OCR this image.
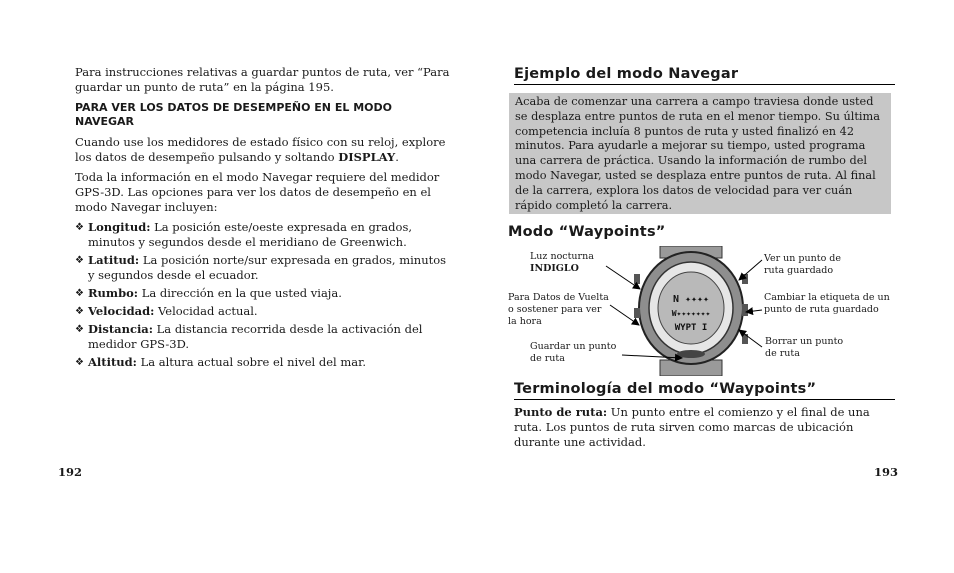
Para instrucciones relativas a guardar puntos de ruta, ver “Para guardar un punto de ruta” en la página 195.

PARA VER LOS DATOS DE DESEMPEÑO EN EL MODO NAVEGAR

Cuando use los medidores de estado físico con su reloj, explore los datos de desempeño pulsando y soltando DISPLAY.

Toda la información en el modo Navegar requiere del medidor GPS-3D. Las opciones para ver los datos de desempeño en el modo Navegar incluyen:

❖ Longitud: La posición este/oeste expresada en grados, minutos y segundos desde el meridiano de Greenwich.
❖ Latitud: La posición norte/sur expresada en grados, minutos y segundos desde el ecuador.
❖ Rumbo: La dirección en la que usted viaja.
❖ Velocidad: Velocidad actual.
❖ Distancia: La distancia recorrida desde la activación del medidor GPS-3D.
❖ Altitud: La altura actual sobre el nivel del mar.
192
Ejemplo del modo Navegar

Acaba de comenzar una carrera a campo traviesa donde usted se desplaza entre puntos de ruta en el menor tiempo. Su última competencia incluía 8 puntos de ruta y usted finalizó en 42 minutos. Para ayudarle a mejorar su tiempo, usted programa una carrera de práctica. Usando la información de rumbo del modo Navegar, usted se desplaza entre puntos de ruta. Al final de la carrera, explora los datos de velocidad para ver cuán rápido completó la carrera.

Modo “Waypoints”
N ✦✦✦✦
W✦✦✦✦✦✦✦
WYPT I
Luz nocturna
INDIGLO
Para Datos de Vuelta
o sostener para ver
la hora
Guardar un punto
de ruta
Ver un punto de
ruta guardado
Cambiar la etiqueta de un
punto de ruta guardado
Borrar un punto
de ruta
Terminología del modo “Waypoints”

Punto de ruta: Un punto entre el comienzo y el final de una ruta. Los puntos de ruta sirven como marcas de ubicación durante une actividad.

193
